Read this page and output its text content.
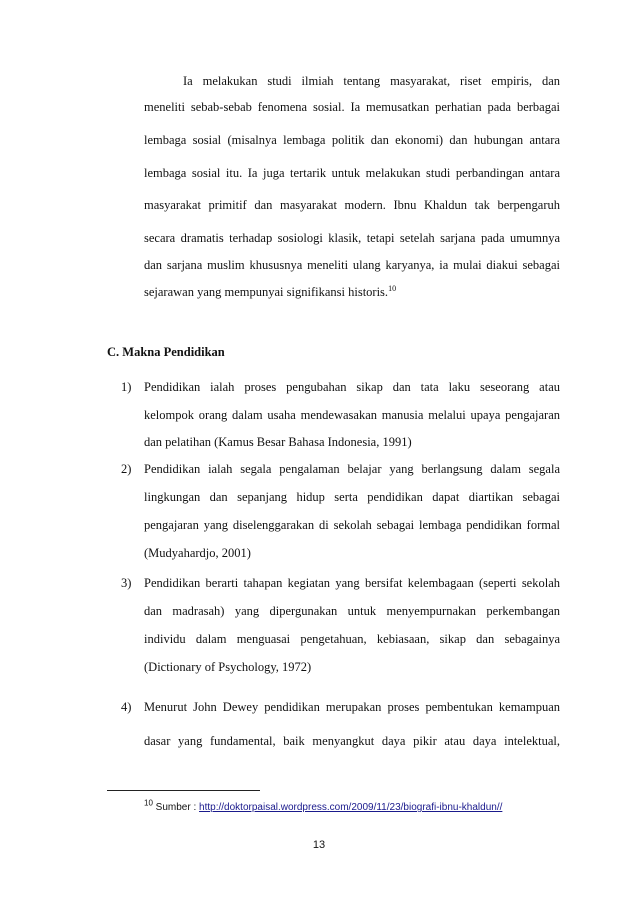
Ia melakukan studi ilmiah tentang masyarakat, riset empiris, dan
meneliti sebab-sebab fenomena sosial. Ia memusatkan perhatian pada berbagai
lembaga sosial (misalnya lembaga politik dan ekonomi) dan hubungan antara
lembaga sosial itu. Ia juga tertarik untuk melakukan studi perbandingan antara
masyarakat primitif dan masyarakat modern. Ibnu Khaldun tak berpengaruh
secara dramatis terhadap sosiologi klasik, tetapi setelah sarjana pada umumnya
dan sarjana muslim khususnya meneliti ulang karyanya, ia mulai diakui sebagai
sejarawan yang mempunyai signifikansi historis.$^{10}$
C. Makna Pendidikan
1) Pendidikan ialah proses pengubahan sikap dan tata laku seseorang atau
kelompok orang dalam usaha mendewasakan manusia melalui upaya pengajaran
dan pelatihan (Kamus Besar Bahasa Indonesia, 1991)
2) Pendidikan ialah segala pengalaman belajar yang berlangsung dalam segala
lingkungan dan sepanjang hidup serta pendidikan dapat diartikan sebagai
pengajaran yang diselenggarakan di sekolah sebagai lembaga pendidikan formal
(Mudyahardjo, 2001)
3) Pendidikan berarti tahapan kegiatan yang bersifat kelembagaan (seperti sekolah
dan madrasah) yang dipergunakan untuk menyempurnakan perkembangan
individu dalam menguasai pengetahuan, kebiasaan, sikap dan sebagainya
(Dictionary of Psychology, 1972)
4)
$^{10}$ Sumber : http://doktorpaisal.wordpress.com/2009/11/23/biografi-ibnu-khaldun//
13
Menurut John Dewey pendidikan merupakan proses pembentukan kemampuan
dasar yang fundamental, baik menyangkut daya pikir atau daya intelektual,
